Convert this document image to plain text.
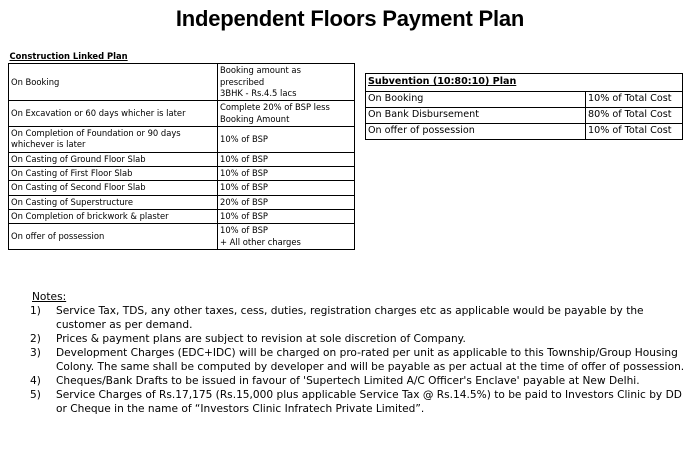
Independent Floors Payment Plan
Construction Linked Plan	
On Booking	Booking amount as
prescribed
3BHK - Rs.4.5 lacs

On Excavation or 60 days whicher is later	Complete 20% of BSP less
Booking Amount

On Completion of Foundation or 90 days whichever is later	10% of BSP
On Casting of Ground Floor Slab	10% of BSP
On Casting of First Floor Slab	10% of BSP
On Casting of Second Floor Slab	10% of BSP
On Casting of Superstructure	20% of BSP
On Completion of brickwork & plaster	10% of BSP
On offer of possession	10% of BSP
+ All other charges
Subvention (10:80:10) Plan	
On Booking	10% of Total Cost
On Bank Disbursement	80% of Total Cost
On offer of possession	10% of Total Cost
Notes:
1)	Service Tax, TDS, any other taxes, cess, duties, registration charges etc as applicable would be payable by the customer as per demand.
2)	Prices & payment plans are subject to revision at sole discretion of Company.
3)	Development Charges (EDC+IDC) will be charged on pro-rated per unit as applicable to this Township/Group Housing Colony. The same shall be computed by developer and will be payable as per actual at the time of offer of possession.
4)	Cheques/Bank Drafts to be issued in favour of 'Supertech Limited A/C Officer's Enclave' payable at New Delhi.
5)	Service Charges of Rs.17,175 (Rs.15,000 plus applicable Service Tax @ Rs.14.5%) to be paid to Investors Clinic by DD or Cheque in the name of “Investors Clinic Infratech Private Limited”.
